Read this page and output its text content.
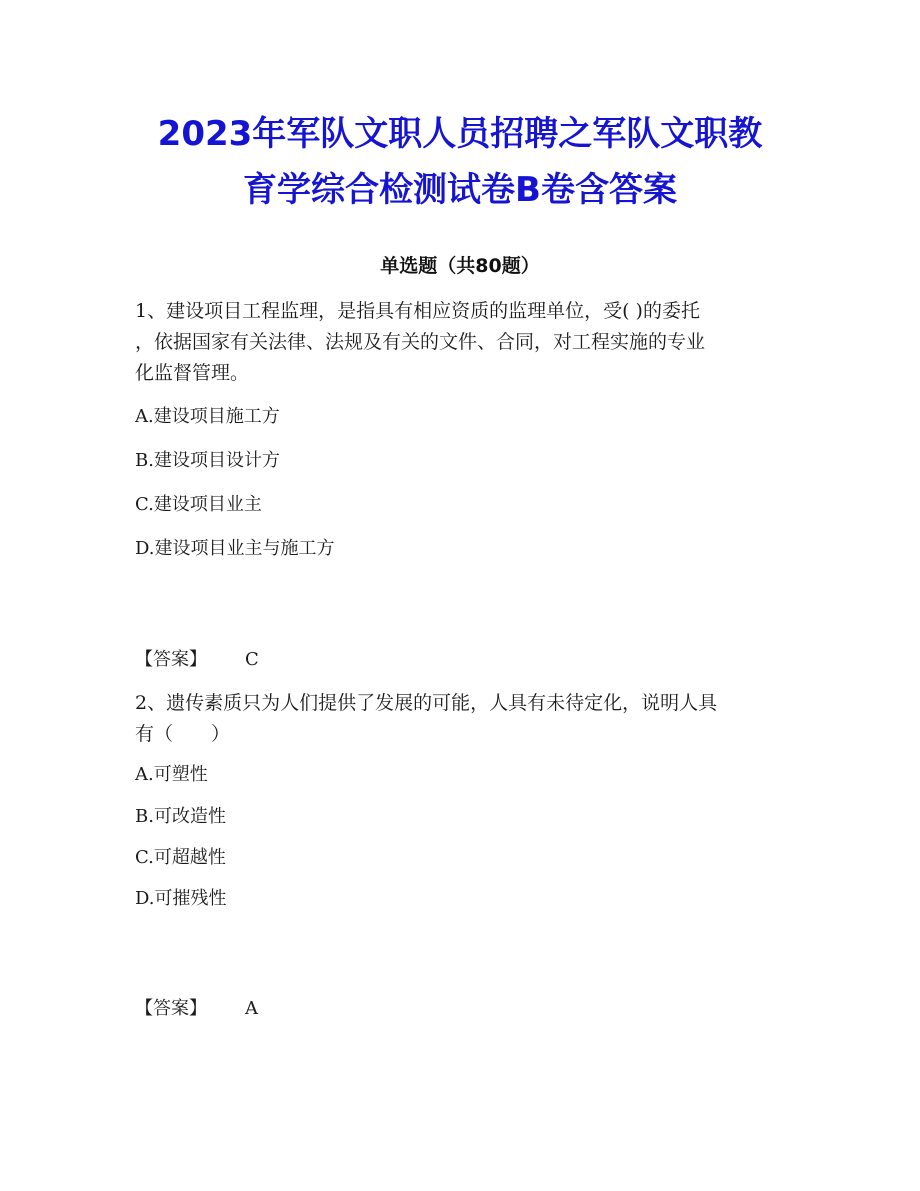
2023年军队文职人员招聘之军队文职教
育学综合检测试卷B卷含答案
单选题（共80题）
1、建设项目工程监理，是指具有相应资质的监理单位，受( )的委托
，依据国家有关法律、法规及有关的文件、合同，对工程实施的专业
化监督管理。
A.建设项目施工方
B.建设项目设计方
C.建设项目业主
D.建设项目业主与施工方
【答案】 C
2、遗传素质只为人们提供了发展的可能，人具有未待定化，说明人具
有（　　）
A.可塑性
B.可改造性
C.可超越性
D.可摧残性
【答案】 A
